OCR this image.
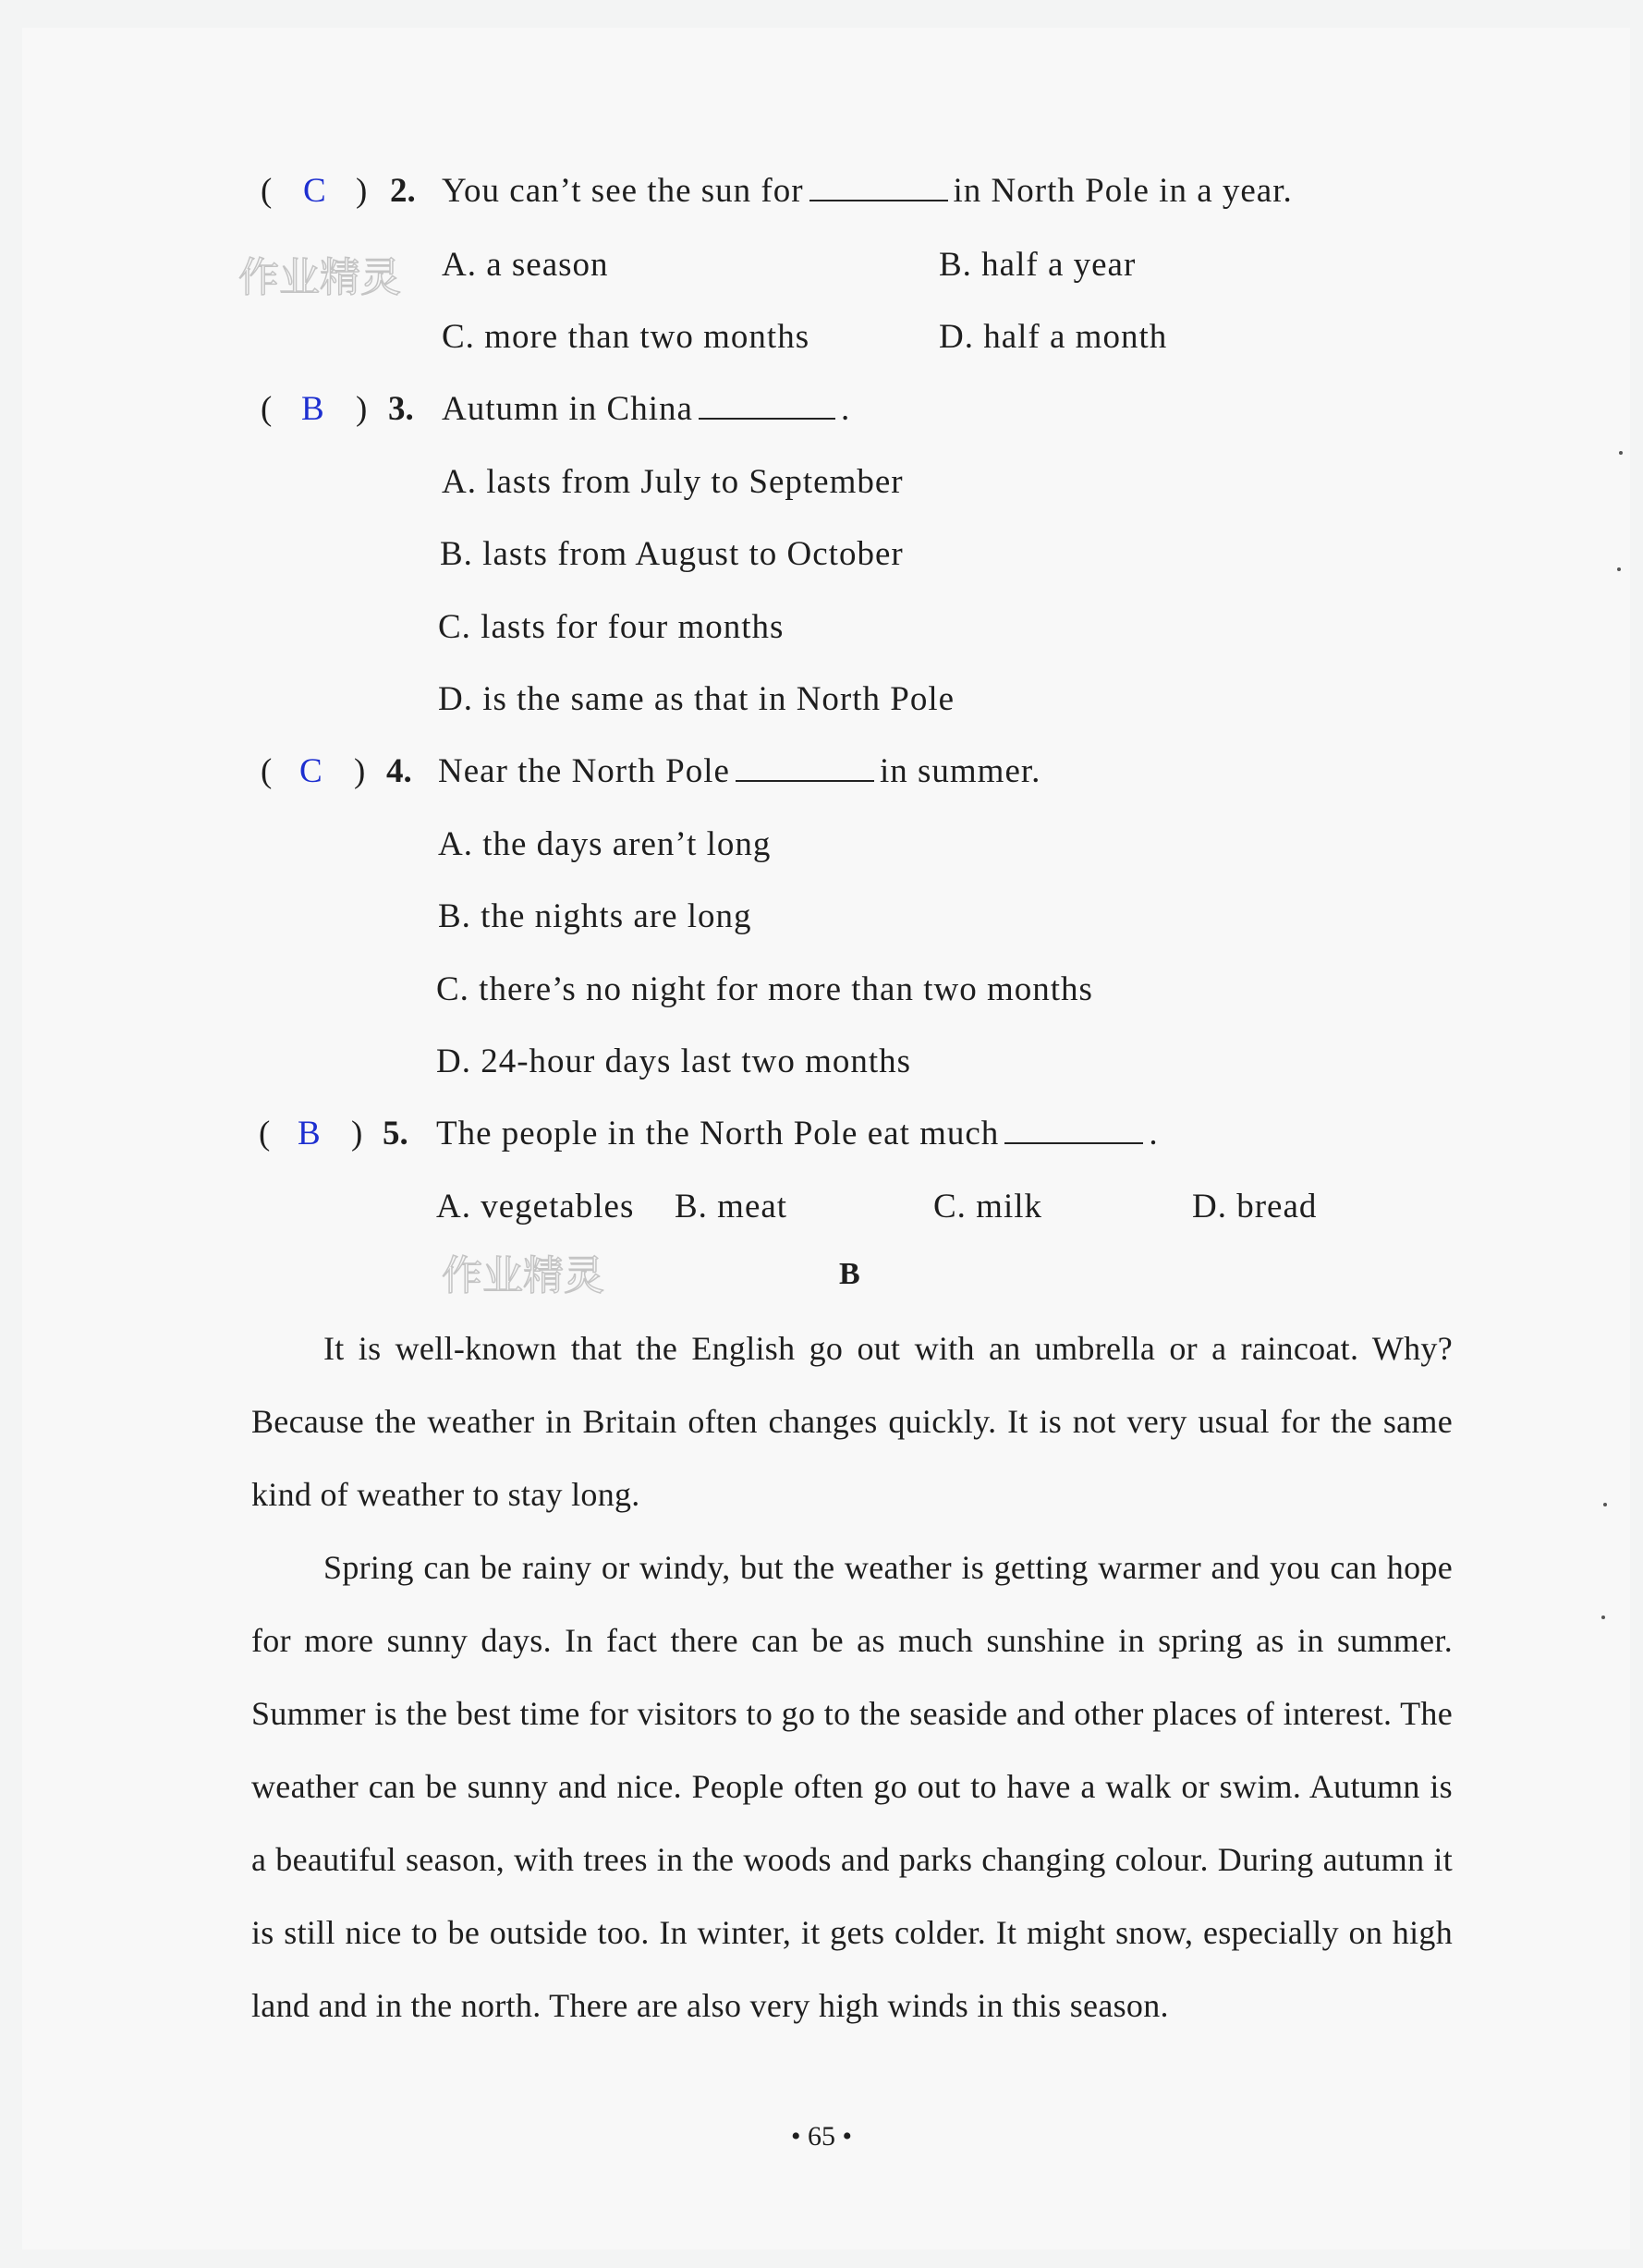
作业精灵
作业精灵
( C ) 2. You can’t see the sun for	in North Pole in a year.
A. a season	B. half a year
C. more than two months	D. half a month
( B ) 3. Autumn in China	.
A. lasts from July to September
B. lasts from August to October
C. lasts for four months
D. is the same as that in North Pole
( C ) 4. Near the North Pole	in summer.
A. the days aren’t long
B. the nights are long
C. there’s no night for more than two months
D. 24-hour days last two months
( B ) 5. The people in the North Pole eat much	.
A. vegetables B. meat	C. milk	D. bread
B

It is well-known that the English go out with an umbrella or a raincoat. Why? Because the weather in Britain often changes quickly. It is not very usual for the same kind of weather to stay long.

Spring can be rainy or windy, but the weather is getting warmer and you can hope for more sunny days. In fact there can be as much sunshine in spring as in summer. Summer is the best time for visitors to go to the seaside and other places of interest. The weather can be sunny and nice. People often go out to have a walk or swim. Autumn is a beautiful season, with trees in the woods and parks changing colour. During autumn it is still nice to be outside too. In winter, it gets colder. It might snow, especially on high land and in the north. There are also very high winds in this season.

• 65 •
